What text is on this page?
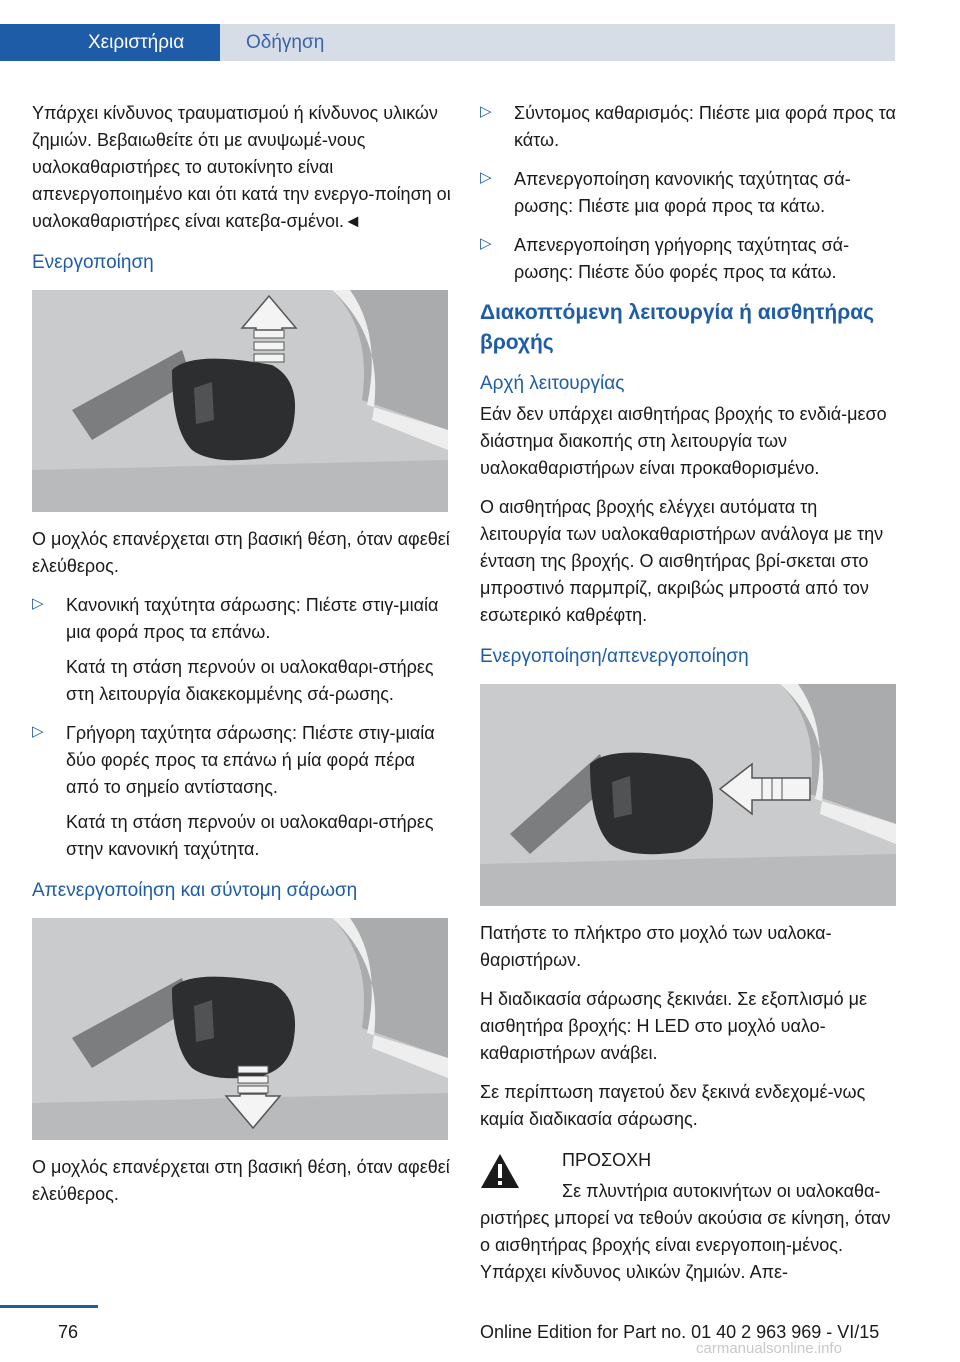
Χειριστήρια	Οδήγηση

Υπάρχει κίνδυνος τραυματισμού ή κίνδυνος υλικών ζημιών. Βεβαιωθείτε ότι με ανυψωμέ-νους υαλοκαθαριστήρες το αυτοκίνητο είναι απενεργοποιημένο και ότι κατά την ενεργο-ποίηση οι υαλοκαθαριστήρες είναι κατεβα-σμένοι.◄

Ενεργοποίηση

Ο μοχλός επανέρχεται στη βασική θέση, όταν αφεθεί ελεύθερος.

▷ Κανονική ταχύτητα σάρωσης: Πιέστε στιγ-μιαία μια φορά προς τα επάνω.

Κατά τη στάση περνούν οι υαλοκαθαρι-στήρες στη λειτουργία διακεκομμένης σά-ρωσης.

▷ Γρήγορη ταχύτητα σάρωσης: Πιέστε στιγ-μιαία δύο φορές προς τα επάνω ή μία φορά πέρα από το σημείο αντίστασης.

Κατά τη στάση περνούν οι υαλοκαθαρι-στήρες στην κανονική ταχύτητα.

Απενεργοποίηση και σύντομη σάρωση

Ο μοχλός επανέρχεται στη βασική θέση, όταν αφεθεί ελεύθερος.

▷ Σύντομος καθαρισμός: Πιέστε μια φορά προς τα κάτω.

▷ Απενεργοποίηση κανονικής ταχύτητας σά-ρωσης: Πιέστε μια φορά προς τα κάτω.

▷ Απενεργοποίηση γρήγορης ταχύτητας σά-ρωσης: Πιέστε δύο φορές προς τα κάτω.

Διακοπτόμενη λειτουργία ή αισθητήρας βροχής
Αρχή λειτουργίας

Εάν δεν υπάρχει αισθητήρας βροχής το ενδιά-μεσο διάστημα διακοπής στη λειτουργία των υαλοκαθαριστήρων είναι προκαθορισμένο.

Ο αισθητήρας βροχής ελέγχει αυτόματα τη λειτουργία των υαλοκαθαριστήρων ανάλογα με την ένταση της βροχής. Ο αισθητήρας βρί-σκεται στο μπροστινό παρμπρίζ, ακριβώς μπροστά από τον εσωτερικό καθρέφτη.

Ενεργοποίηση/απενεργοποίηση

Πατήστε το πλήκτρο στο μοχλό των υαλοκα-θαριστήρων.

Η διαδικασία σάρωσης ξεκινάει. Σε εξοπλισμό με αισθητήρα βροχής: Η LED στο μοχλό υαλο-καθαριστήρων ανάβει.

Σε περίπτωση παγετού δεν ξεκινά ενδεχομέ-νως καμία διαδικασία σάρωσης.

ΠΡΟΣΟΧΗ

Σε πλυντήρια αυτοκινήτων οι υαλοκαθα-ριστήρες μπορεί να τεθούν ακούσια σε κίνηση, όταν ο αισθητήρας βροχής είναι ενεργοποιη-μένος. Υπάρχει κίνδυνος υλικών ζημιών. Απε-

76	Online Edition for Part no. 01 40 2 963 969 - VI/15
carmanualsonline.info
